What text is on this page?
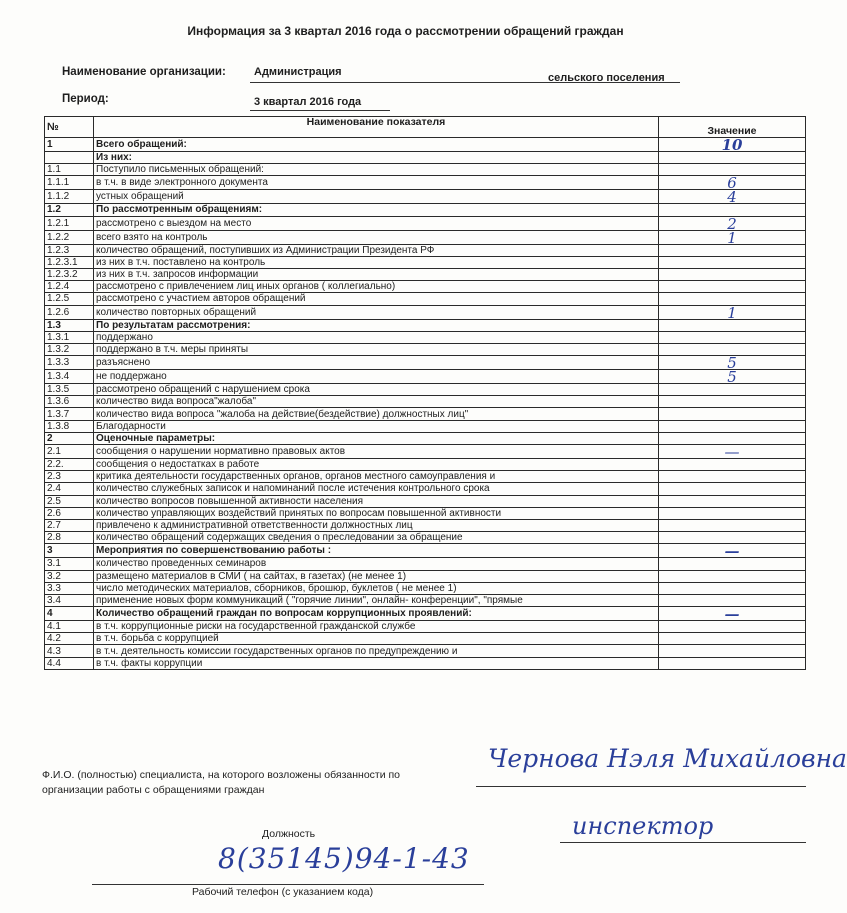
Информация за 3 квартал 2016 года о рассмотрении обращений граждан
Наименование организации:	Администрация	сельского поселения
Период:	3 квартал 2016 года
№	Наименование показателя	Значение
1	Всего обращений:	10
	Из них:	
1.1	Поступило письменных обращений:	
1.1.1	в т.ч. в виде электронного документа	6
1.1.2	устных обращений	4
1.2	По рассмотренным обращениям:	
1.2.1	рассмотрено с выездом на место	2
1.2.2	всего взято на контроль	1
1.2.3	количество обращений, поступивших из Администрации Президента РФ	
1.2.3.1	из них в т.ч. поставлено на контроль	
1.2.3.2	из них в т.ч. запросов информации	
1.2.4	рассмотрено с привлечением лиц иных органов ( коллегиально)	
1.2.5	рассмотрено с участием авторов обращений	
1.2.6	количество повторных обращений	1
1.3	По результатам рассмотрения:	
1.3.1	поддержано	
1.3.2	поддержано в т.ч. меры приняты	
1.3.3	разъяснено	5
1.3.4	не поддержано	5
1.3.5	рассмотрено обращений с нарушением срока	
1.3.6	количество вида вопроса"жалоба"	
1.3.7	количество вида вопроса "жалоба на действие(бездействие) должностных лиц"	
1.3.8	Благодарности	
2	Оценочные параметры:	
2.1	сообщения о нарушении нормативно правовых актов	—
2.2.	сообщения о недостатках в работе	
2.3	критика деятельности государственных органов, органов местного самоуправления и	
2.4	количество служебных записок и напоминаний после истечения контрольного срока	
2.5	количество вопросов повышенной активности населения	
2.6	количество управляющих воздействий принятых по вопросам повышенной активности	
2.7	привлечено к административной ответственности должностных лиц	
2.8	количество обращений содержащих сведения о преследовании за обращение	
3	Мероприятия по совершенствованию работы :	—
3.1	количество проведенных семинаров	
3.2	размещено материалов в СМИ ( на сайтах, в газетах) (не менее 1)	
3.3	число методических материалов, сборников, брошюр, буклетов ( не менее 1)	
3.4	применение новых форм коммуникаций ( "горячие линии", онлайн- конференции", "прямые	
4	Количество обращений граждан по вопросам коррупционных проявлений:	—
4.1	в т.ч. коррупционные риски на государственной гражданской службе	
4.2	в т.ч. борьба с коррупцией	
4.3	в т.ч. деятельность комиссии государственных органов по предупреждению и	
4.4	в т.ч. факты коррупции	
Ф.И.О. (полностью) специалиста, на которого возложены обязанности по
организации работы с обращениями граждан
Чернова Нэля Михайловна
Должность	инспектор
8(35145)94-1-43
Рабочий телефон (с указанием кода)
